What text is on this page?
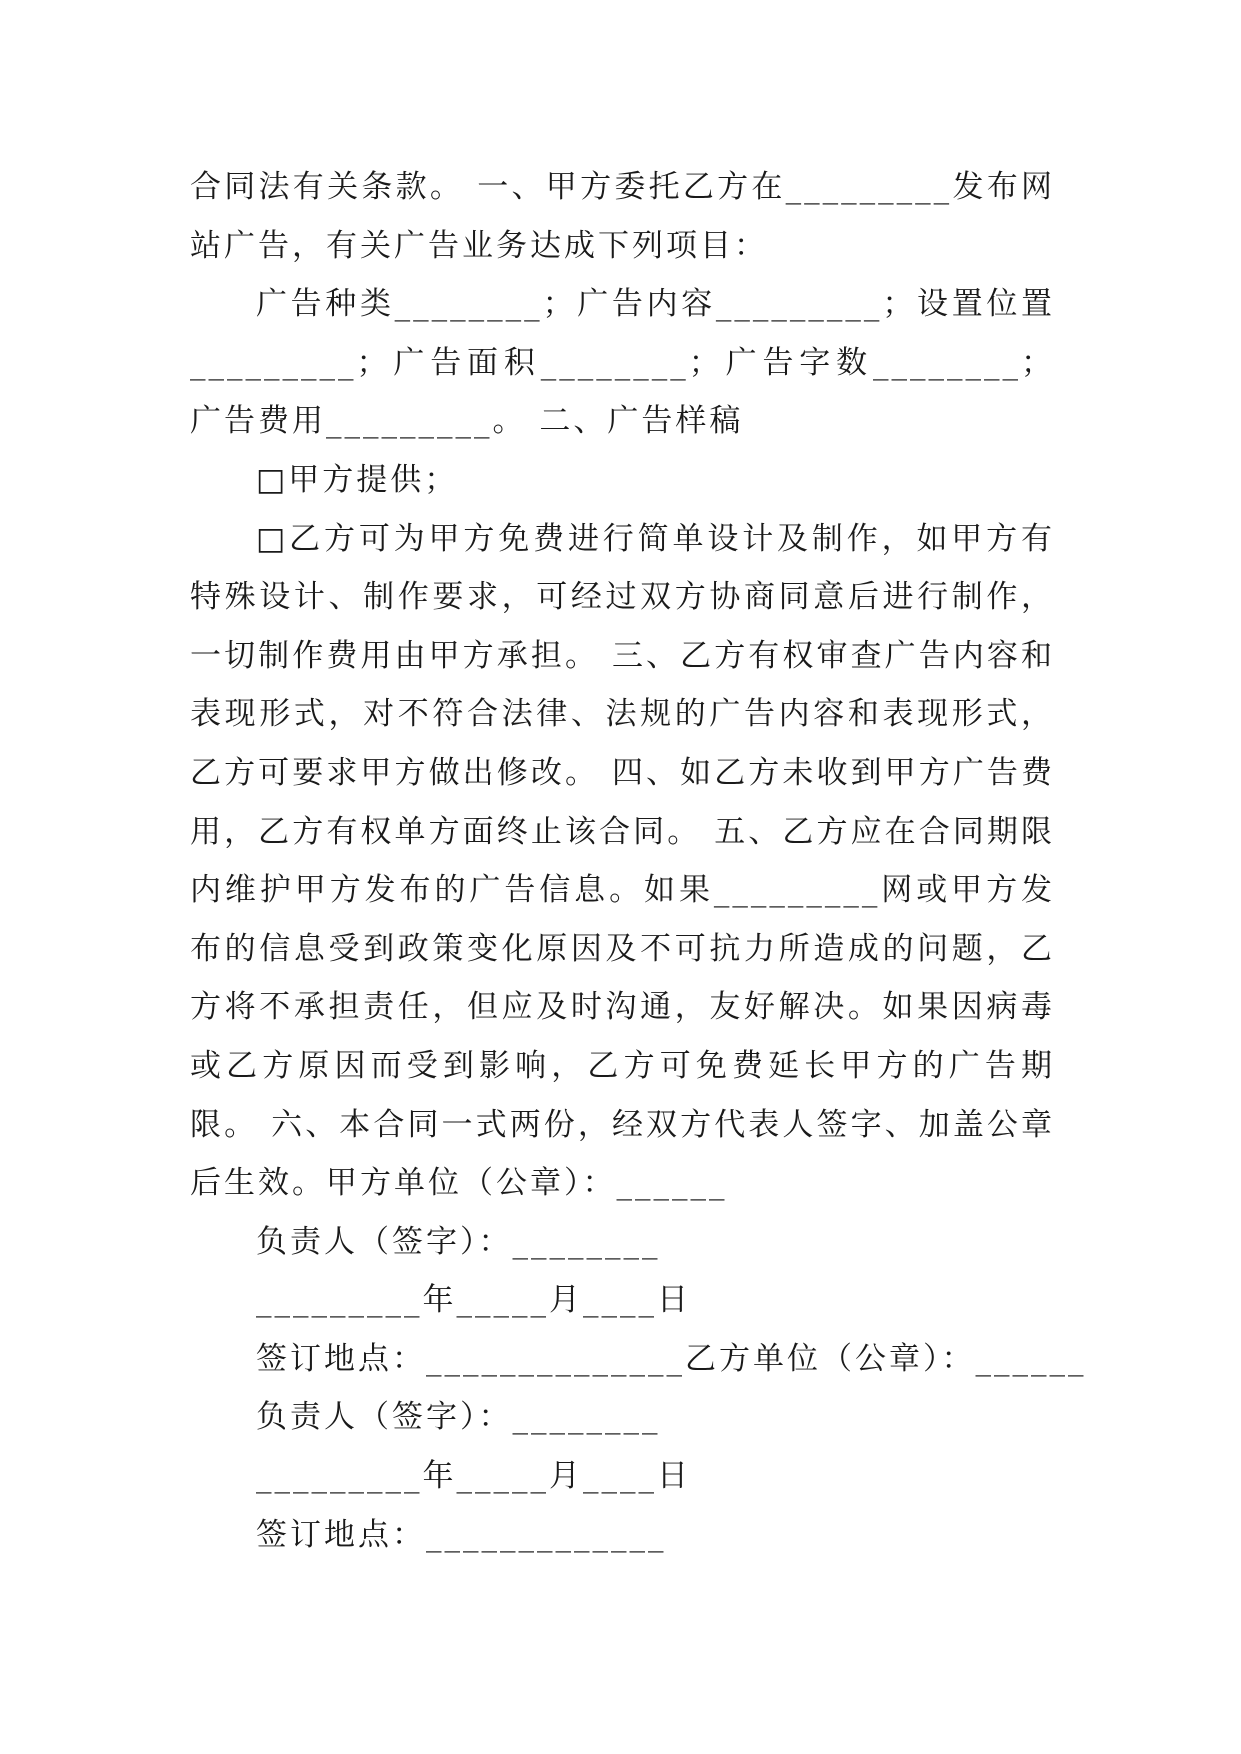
合同法有关条款。 一、甲方委托乙方在_________发布网站广告，有关广告业务达成下列项目：

广告种类________；广告内容_________；设置位置_________；广告面积________；广告字数________；广告费用_________。 二、广告样稿

□甲方提供；

□乙方可为甲方免费进行简单设计及制作，如甲方有特殊设计、制作要求，可经过双方协商同意后进行制作，一切制作费用由甲方承担。 三、乙方有权审查广告内容和表现形式，对不符合法律、法规的广告内容和表现形式，乙方可要求甲方做出修改。 四、如乙方未收到甲方广告费用，乙方有权单方面终止该合同。 五、乙方应在合同期限内维护甲方发布的广告信息。如果_________网或甲方发布的信息受到政策变化原因及不可抗力所造成的问题，乙方将不承担责任，但应及时沟通，友好解决。如果因病毒或乙方原因而受到影响，乙方可免费延长甲方的广告期限。 六、本合同一式两份，经双方代表人签字、加盖公章后生效。甲方单位（公章）：______

负责人（签字）：________
_________年_____月____日
签订地点：______________乙方单位（公章）：______
负责人（签字）：________
_________年_____月____日
签订地点：_____________
